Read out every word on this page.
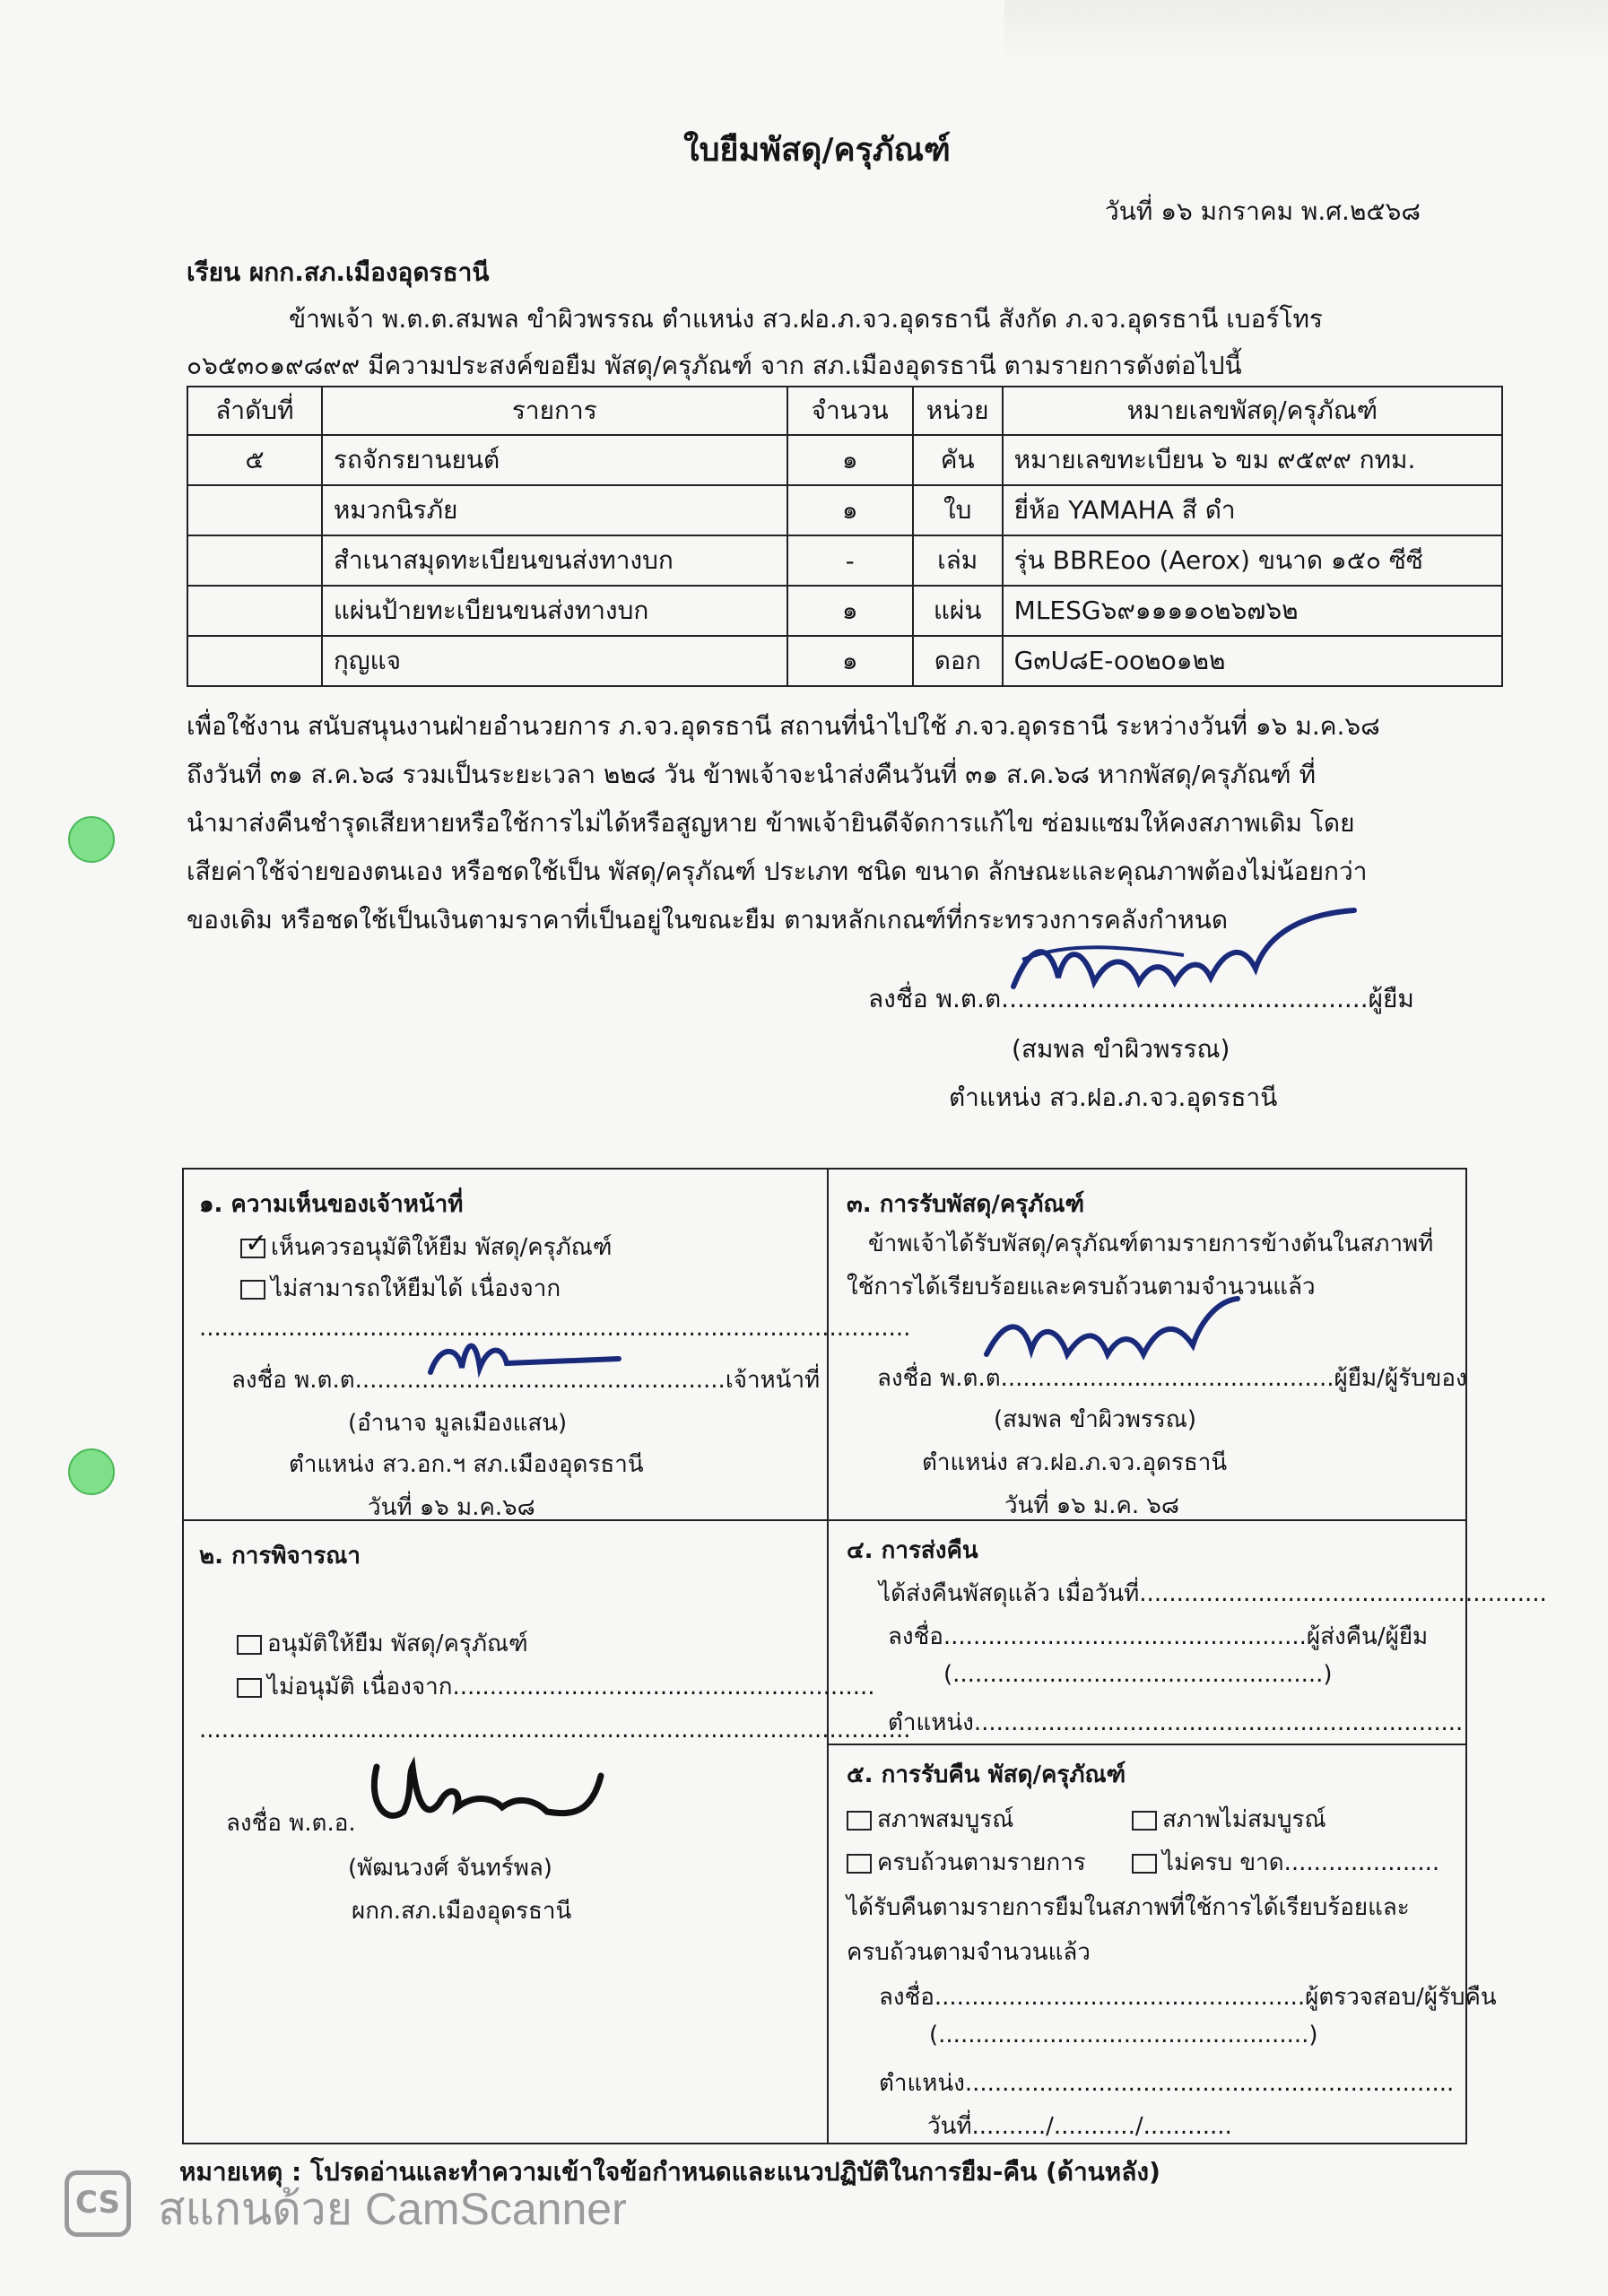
ใบยืมพัสดุ/ครุภัณฑ์
วันที่ ๑๖ มกราคม พ.ศ.๒๕๖๘
เรียน ผกก.สภ.เมืองอุดรธานี
ข้าพเจ้า พ.ต.ต.สมพล ขำผิวพรรณ ตำแหน่ง สว.ฝอ.ภ.จว.อุดรธานี สังกัด ภ.จว.อุดรธานี เบอร์โทร
๐๖๕๓๐๑๙๘๙๙ มีความประสงค์ขอยืม พัสดุ/ครุภัณฑ์ จาก สภ.เมืองอุดรธานี ตามรายการดังต่อไปนี้
ลำดับที่	รายการ	จำนวน	หน่วย	หมายเลขพัสดุ/ครุภัณฑ์
๕	รถจักรยานยนต์	๑	คัน	หมายเลขทะเบียน ๖ ขม ๙๕๙๙ กทม.
	หมวกนิรภัย	๑	ใบ	ยี่ห้อ YAMAHA สี ดำ
	สำเนาสมุดทะเบียนขนส่งทางบก	-	เล่ม	รุ่น BBREoo (Aerox) ขนาด ๑๕๐ ซีซี
	แผ่นป้ายทะเบียนขนส่งทางบก	๑	แผ่น	MLESG๖๙๑๑๑๑๐๒๖๗๖๒
	กุญแจ	๑	ดอก	G๓U๘E-oo๒o๑๒๒
เพื่อใช้งาน สนับสนุนงานฝ่ายอำนวยการ ภ.จว.อุดรธานี สถานที่นำไปใช้ ภ.จว.อุดรธานี ระหว่างวันที่ ๑๖ ม.ค.๖๘
ถึงวันที่ ๓๑ ส.ค.๖๘ รวมเป็นระยะเวลา ๒๒๘ วัน ข้าพเจ้าจะนำส่งคืนวันที่ ๓๑ ส.ค.๖๘ หากพัสดุ/ครุภัณฑ์ ที่
นำมาส่งคืนชำรุดเสียหายหรือใช้การไม่ได้หรือสูญหาย ข้าพเจ้ายินดีจัดการแก้ไข ซ่อมแซมให้คงสภาพเดิม โดย
เสียค่าใช้จ่ายของตนเอง หรือชดใช้เป็น พัสดุ/ครุภัณฑ์ ประเภท ชนิด ขนาด ลักษณะและคุณภาพต้องไม่น้อยกว่า
ของเดิม หรือชดใช้เป็นเงินตามราคาที่เป็นอยู่ในขณะยืม ตามหลักเกณฑ์ที่กระทรวงการคลังกำหนด
ลงชื่อ พ.ต.ต..............................................ผู้ยืม
(สมพล ขำผิวพรรณ)
ตำแหน่ง สว.ฝอ.ภ.จว.อุดรธานี
๑. ความเห็นของเจ้าหน้าที่
✓เห็นควรอนุมัติให้ยืม พัสดุ/ครุภัณฑ์
ไม่สามารถให้ยืมได้ เนื่องจาก
................................................................................................
ลงชื่อ พ.ต.ต..................................................เจ้าหน้าที่
(อำนาจ มูลเมืองแสน)
ตำแหน่ง สว.อก.ฯ สภ.เมืองอุดรธานี
วันที่ ๑๖ ม.ค.๖๘
๒. การพิจารณา
อนุมัติให้ยืม พัสดุ/ครุภัณฑ์
ไม่อนุมัติ เนื่องจาก.........................................................
................................................................................................
ลงชื่อ พ.ต.อ.
(พัฒนวงศ์ จันทร์พล)
ผกก.สภ.เมืองอุดรธานี
๓. การรับพัสดุ/ครุภัณฑ์
ข้าพเจ้าได้รับพัสดุ/ครุภัณฑ์ตามรายการข้างต้นในสภาพที่
ใช้การได้เรียบร้อยและครบถ้วนตามจำนวนแล้ว
ลงชื่อ พ.ต.ต.............................................ผู้ยืม/ผู้รับของ
(สมพล ขำผิวพรรณ)
ตำแหน่ง สว.ฝอ.ภ.จว.อุดรธานี
วันที่ ๑๖ ม.ค. ๖๘
๔. การส่งคืน
ได้ส่งคืนพัสดุแล้ว เมื่อวันที่.......................................................
ลงชื่อ.................................................ผู้ส่งคืน/ผู้ยืม
(..................................................)
ตำแหน่ง..................................................................
๕. การรับคืน พัสดุ/ครุภัณฑ์
สภาพสมบูรณ์	สภาพไม่สมบูรณ์
ครบถ้วนตามรายการ	ไม่ครบ ขาด.....................
ได้รับคืนตามรายการยืมในสภาพที่ใช้การได้เรียบร้อยและ
ครบถ้วนตามจำนวนแล้ว
ลงชื่อ..................................................ผู้ตรวจสอบ/ผู้รับคืน
(..................................................)
ตำแหน่ง..................................................................
วันที่........../.........../............
หมายเหตุ : โปรดอ่านและทำความเข้าใจข้อกำหนดและแนวปฏิบัติในการยืม-คืน (ด้านหลัง)
CS สแกนด้วย CamScanner
